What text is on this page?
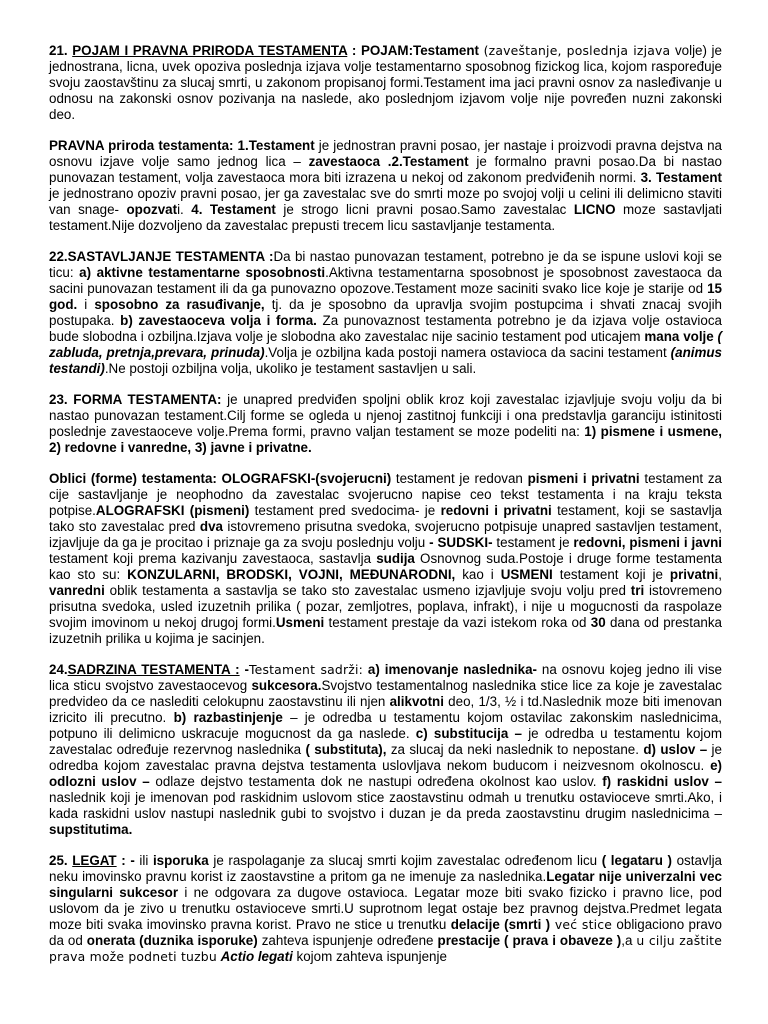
21. POJAM I PRAVNA PRIRODA TESTAMENTA : POJAM:Testament (zaveštanje, poslednja izjava volje) je jednostrana, licna, uvek opoziva poslednja izjava volje testamentarno sposobnog fizickog lica, kojom raspoređuje svoju zaostavštinu za slucaj smrti, u zakonom propisanoj formi.Testament ima jaci pravni osnov za nasleđivanje u odnosu na zakonski osnov pozivanja na naslede, ako poslednjom izjavom volje nije povređen nuzni zakonski deo.
PRAVNA priroda testamenta: 1.Testament je jednostran pravni posao, jer nastaje i proizvodi pravna dejstva na osnovu izjave volje samo jednog lica – zavestaoca .2.Testament je formalno pravni posao.Da bi nastao punovazan testament, volja zavestaoca mora biti izrazena u nekoj od zakonom predviđenih normi. 3. Testament je jednostrano opoziv pravni posao, jer ga zavestalac sve do smrti moze po svojoj volji u celini ili delimicno staviti van snage- opozvati. 4. Testament je strogo licni pravni posao.Samo zavestalac LICNO moze sastavljati testament.Nije dozvoljeno da zavestalac prepusti trecem licu sastavljanje testamenta.
22.SASTAVLJANJE TESTAMENTA :Da bi nastao punovazan testament, potrebno je da se ispune uslovi koji se ticu: a) aktivne testamentarne sposobnosti.Aktivna testamentarna sposobnost je sposobnost zavestaoca da sacini punovazan testament ili da ga punovazno opozove.Testament moze saciniti svako lice koje je starije od 15 god. i sposobno za rasuđivanje, tj. da je sposobno da upravlja svojim postupcima i shvati znacaj svojih postupaka. b) zavestaoceva volja i forma. Za punovaznost testamenta potrebno je da izjava volje ostavioca bude slobodna i ozbiljna.Izjava volje je slobodna ako zavestalac nije sacinio testament pod uticajem mana volje ( zabluda, pretnja,prevara, prinuda).Volja je ozbiljna kada postoji namera ostavioca da sacini testament (animus testandi).Ne postoji ozbiljna volja, ukoliko je testament sastavljen u sali.
23. FORMA TESTAMENTA: je unapred predviđen spoljni oblik kroz koji zavestalac izjavljuje svoju volju da bi nastao punovazan testament.Cilj forme se ogleda u njenoj zastitnoj funkciji i ona predstavlja garanciju istinitosti poslednje zavestaoceve volje.Prema formi, pravno valjan testament se moze podeliti na: 1) pismene i usmene, 2) redovne i vanredne, 3) javne i privatne.
Oblici (forme) testamenta: OLOGRAFSKI-(svojerucni) testament je redovan pismeni i privatni testament za cije sastavljanje je neophodno da zavestalac svojerucno napise ceo tekst testamenta i na kraju teksta potpise.ALOGRAFSKI (pismeni) testament pred svedocima- je redovni i privatni testament, koji se sastavlja tako sto zavestalac pred dva istovremeno prisutna svedoka, svojerucno potpisuje unapred sastavljen testament, izjavljuje da ga je procitao i priznaje ga za svoju poslednju volju - SUDSKI- testament je redovni, pismeni i javni testament koji prema kazivanju zavestaoca, sastavlja sudija Osnovnog suda.Postoje i druge forme testamenta kao sto su: KONZULARNI, BRODSKI, VOJNI, MEĐUNARODNI, kao i USMENI testament koji je privatni, vanredni oblik testamenta a sastavlja se tako sto zavestalac usmeno izjavljuje svoju volju pred tri istovremeno prisutna svedoka, usled izuzetnih prilika ( pozar, zemljotres, poplava, infrakt), i nije u mogucnosti da raspolaze svojim imovinom u nekoj drugoj formi.Usmeni testament prestaje da vazi istekom roka od 30 dana od prestanka izuzetnih prilika u kojima je sacinjen.
24.SADRZINA TESTAMENTA : -Testament sadrži: a) imenovanje naslednika- na osnovu kojeg jedno ili vise lica sticu svojstvo zavestaocevog sukcesora.Svojstvo testamentalnog naslednika stice lice za koje je zavestalac predvideo da ce naslediti celokupnu zaostavstinu ili njen alikvotni deo, 1/3, ½ i td.Naslednik moze biti imenovan izricito ili precutno. b) razbastinjenje – je odredba u testamentu kojom ostavilac zakonskim naslednicima, potpuno ili delimicno uskracuje mogucnost da ga naslede. c) substitucija – je odredba u testamentu kojom zavestalac određuje rezervnog naslednika ( substituta), za slucaj da neki naslednik to nepostane. d) uslov – je odredba kojom zavestalac pravna dejstva testamenta uslovljava nekom buducom i neizvesnom okolnoscu. e) odlozni uslov – odlaze dejstvo testamenta dok ne nastupi određena okolnost kao uslov. f) raskidni uslov – naslednik koji je imenovan pod raskidnim uslovom stice zaostavstinu odmah u trenutku ostavioceve smrti.Ako, i kada raskidni uslov nastupi naslednik gubi to svojstvo i duzan je da preda zaostavstinu drugim naslednicima –supstitutima.
25. LEGAT : - ili isporuka je raspolaganje za slucaj smrti kojim zavestalac određenom licu ( legataru ) ostavlja neku imovinsko pravnu korist iz zaostavstine a pritom ga ne imenuje za naslednika.Legatar nije univerzalni vec singularni sukcesor i ne odgovara za dugove ostavioca. Legatar moze biti svako fizicko i pravno lice, pod uslovom da je zivo u trenutku ostavioceve smrti.U suprotnom legat ostaje bez pravnog dejstva.Predmet legata moze biti svaka imovinsko pravna korist. Pravo ne stice u trenutku delacije (smrti ) već stice obligaciono pravo da od onerata (duznika isporuke) zahteva ispunjenje određene prestacije ( prava i obaveze ),a u cilju zaštite prava može podneti tuzbu Actio legati kojom zahteva ispunjenje
